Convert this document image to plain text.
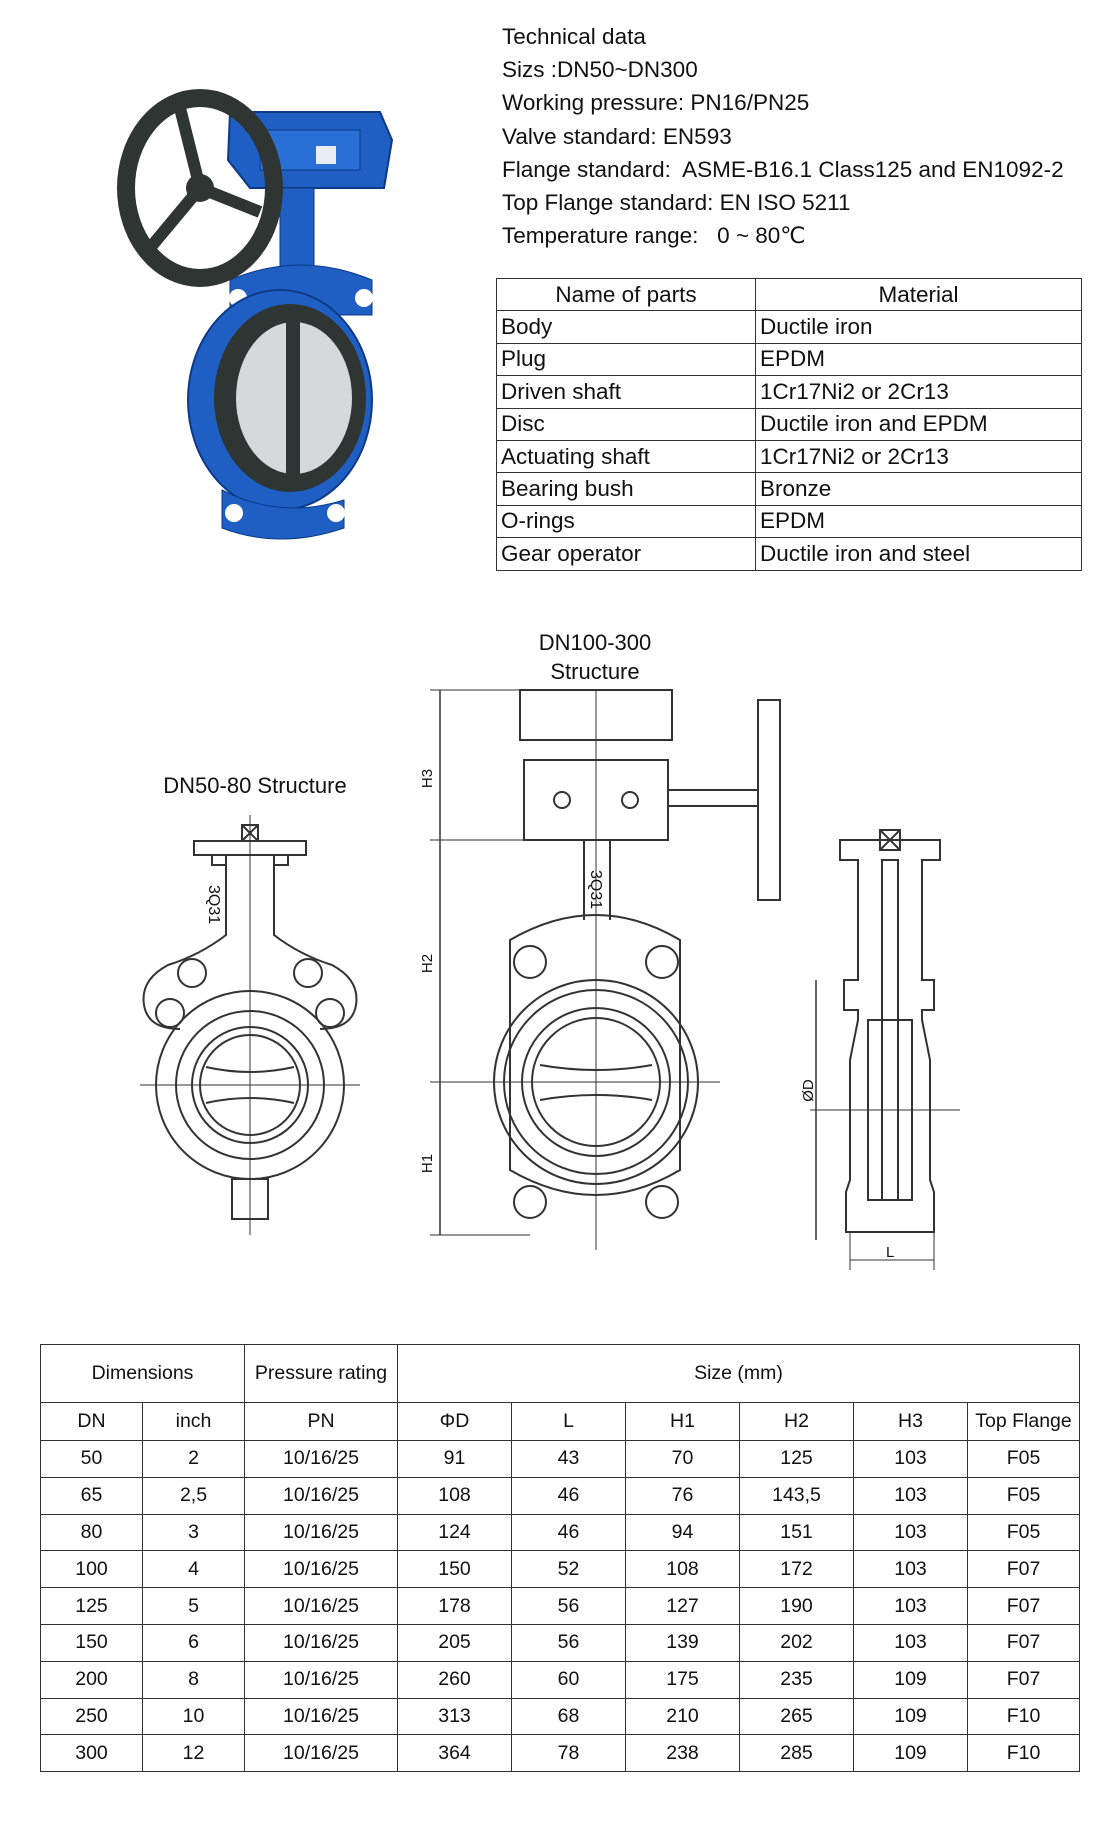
Technical data
Sizs :DN50~DN300
Working pressure: PN16/PN25
Valve standard: EN593
Flange standard:  ASME-B16.1 Class125 and EN1092-2
Top Flange standard: EN ISO 5211
Temperature range:   0 ~ 80℃
Name of parts	Material
Body	Ductile iron
Plug	EPDM
Driven shaft	1Cr17Ni2 or 2Cr13
Disc	Ductile iron and EPDM
Actuating shaft	1Cr17Ni2 or 2Cr13
Bearing bush	Bronze
O-rings	EPDM
Gear operator	Ductile iron and steel
DN50-80 Structure
DN100-300
Structure
3Q31
H3
H2
H1
3Q31
ØD
L
Dimensions		Pressure rating	Size (mm)					
DN	inch	PN	ΦD	L	H1	H2	H3	Top Flange
50	2	10/16/25	91	43	70	125	103	F05
65	2,5	10/16/25	108	46	76	143,5	103	F05
80	3	10/16/25	124	46	94	151	103	F05
100	4	10/16/25	150	52	108	172	103	F07
125	5	10/16/25	178	56	127	190	103	F07
150	6	10/16/25	205	56	139	202	103	F07
200	8	10/16/25	260	60	175	235	109	F07
250	10	10/16/25	313	68	210	265	109	F10
300	12	10/16/25	364	78	238	285	109	F10
